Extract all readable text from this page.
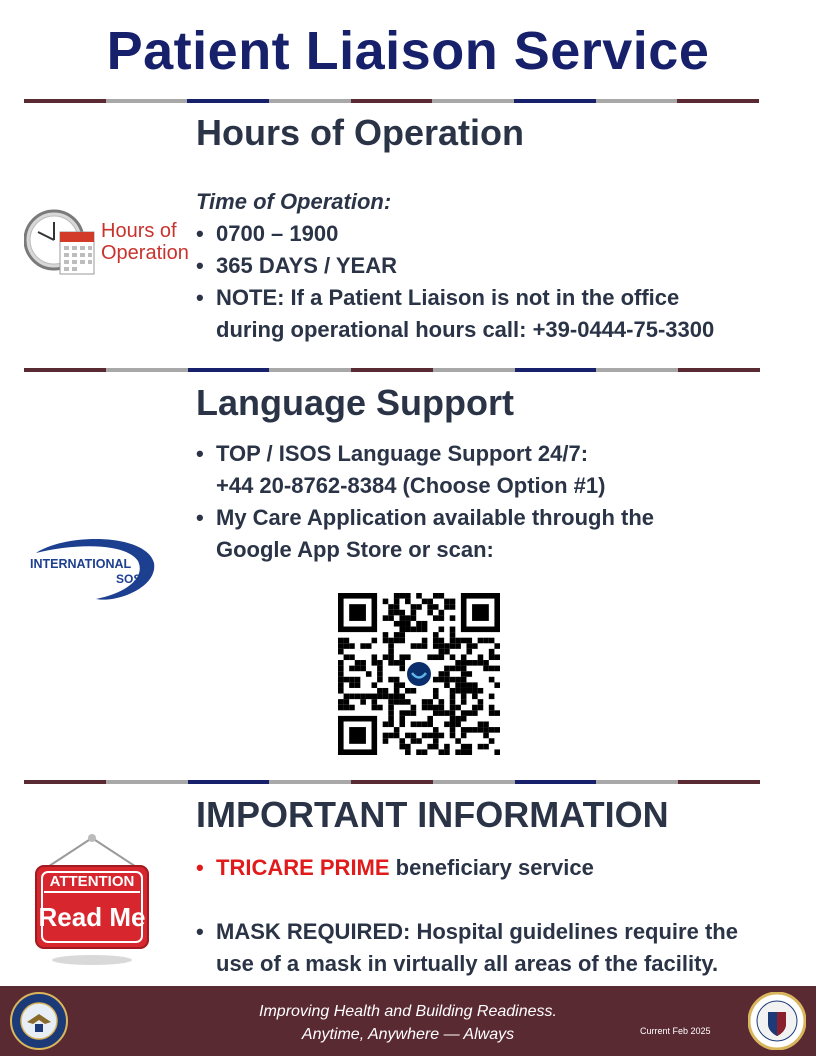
Patient Liaison Service
Hours of Operation
Hours of
Operation
Time of Operation:
• 0700 – 1900
• 365 DAYS / YEAR
• NOTE: If a Patient Liaison is not in the office
during operational hours call: +39-0444-75-3300
Language Support
INTERNATIONAL
SOS
• TOP / ISOS Language Support 24/7:
+44 20-8762-8384 (Choose Option #1)
• My Care Application available through the
Google App Store or scan:
IMPORTANT INFORMATION
ATTENTION
Read Me
• TRICARE PRIME beneficiary service
• MASK REQUIRED: Hospital guidelines require the
use of a mask in virtually all areas of the facility.
Improving Health and Building Readiness.
Anytime, Anywhere — Always	Current Feb 2025
